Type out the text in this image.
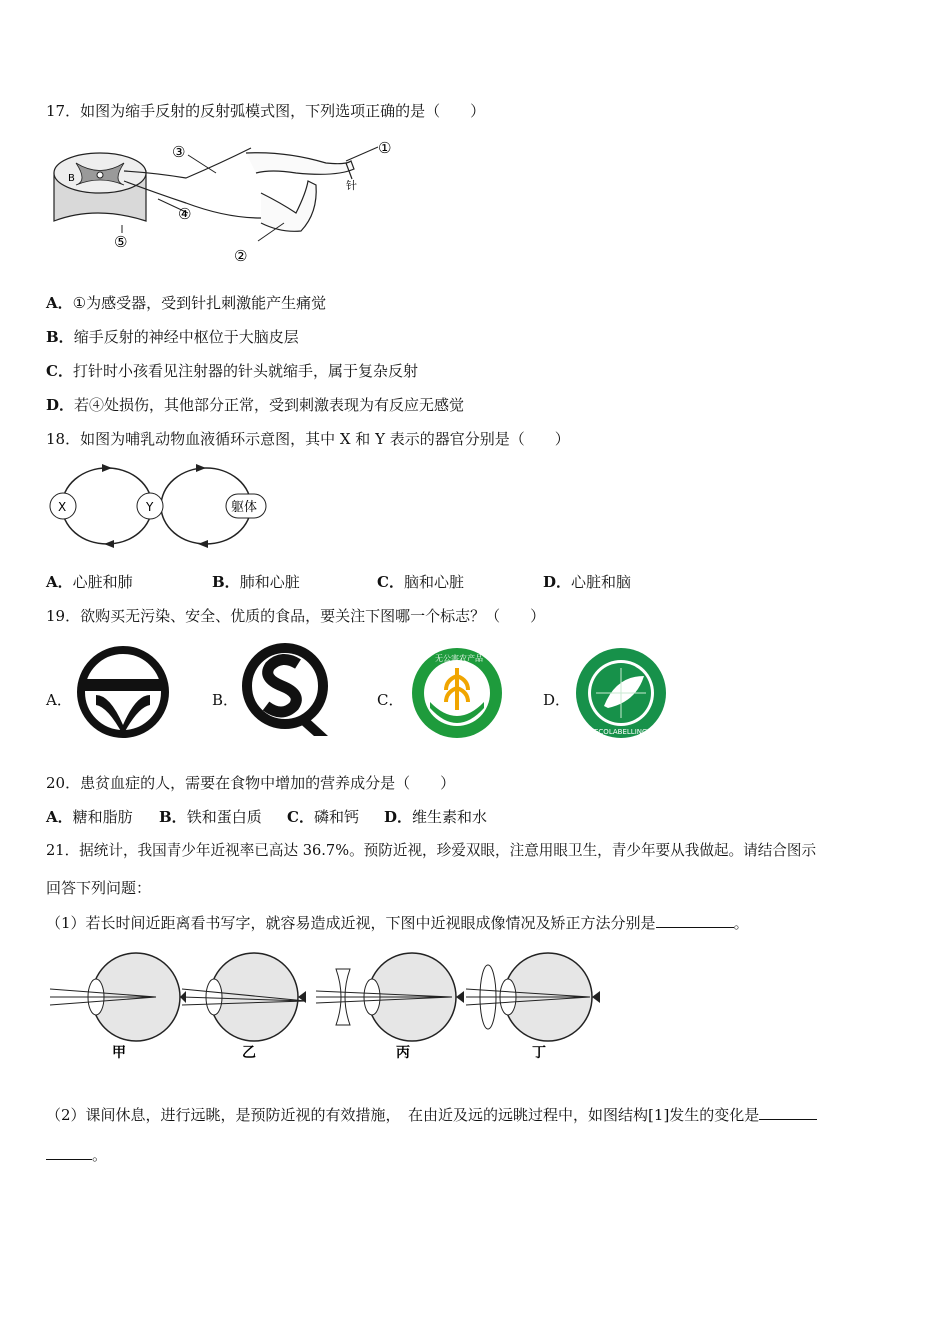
17．如图为缩手反射的反射弧模式图，下列选项正确的是（　　）
B
针
①
②
③
④
⑤
A．①为感受器，受到针扎刺激能产生痛觉
B．缩手反射的神经中枢位于大脑皮层
C．打针时小孩看见注射器的针头就缩手，属于复杂反射
D．若④处损伤，其他部分正常，受到刺激表现为有反应无感觉
18．如图为哺乳动物血液循环示意图，其中 X 和 Y 表示的器官分别是（　　）
X	Y	躯体
A．心脏和肺	B．肺和心脏	C．脑和心脏	D．心脏和脑
19．欲购买无污染、安全、优质的食品，要关注下图哪一个标志？（　　）
A．	B．	C．
无公害农产品
D．
ECOLABELLING
20．患贫血症的人，需要在食物中增加的营养成分是（　　）
A．糖和脂肪 B．铁和蛋白质 C．磷和钙 D．维生素和水
21．据统计，我国青少年近视率已高达 36.7%。预防近视，珍爱双眼，注意用眼卫生，青少年要从我做起。请结合图示
回答下列问题：
（1）若长时间近距离看书写字，就容易造成近视，下图中近视眼成像情况及矫正方法分别是	。
甲	乙	丙	丁
（2）课间休息，进行远眺，是预防近视的有效措施，　在由近及远的远眺过程中，如图结构[1]发生的变化是
。
